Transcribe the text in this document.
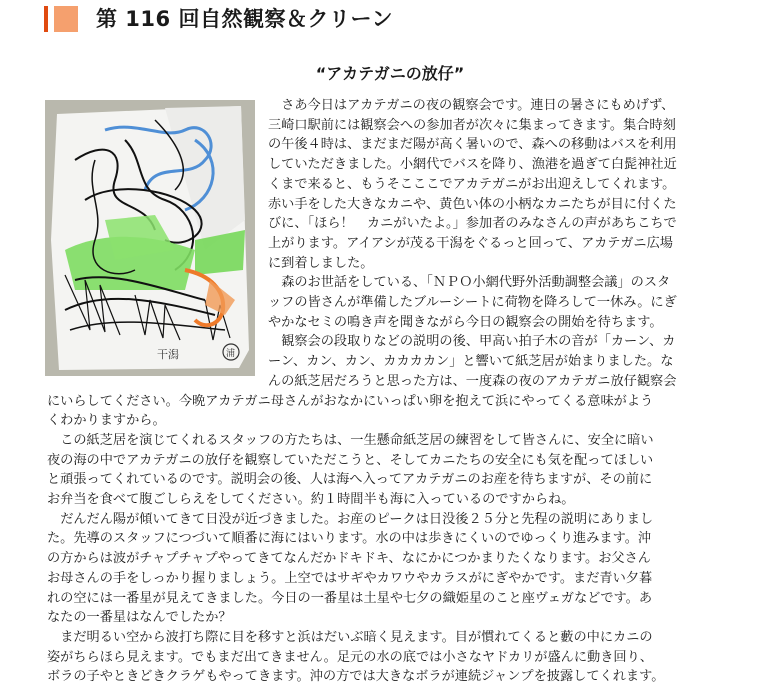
第 116 回自然観察＆クリーン
“アカテガニの放仔”
干潟	浦

さあ今日はアカテガニの夜の観察会です。連日の暑さにもめげず、
三崎口駅前には観察会への参加者が次々に集まってきます。集合時刻
の午後４時は、まだまだ陽が高く暑いので、森への移動はバスを利用
していただきました。小網代でバスを降り、漁港を過ぎて白髭神社近
くまで来ると、もうそこここでアカテガニがお出迎えしてくれます。
赤い手をした大きなカニや、黄色い体の小柄なカニたちが目に付くた
びに、「ほら！　カニがいたよ。」参加者のみなさんの声があちこちで
上がります。アイアシが茂る干潟をぐるっと回って、アカテガニ広場
に到着しました。

森のお世話をしている、「ＮＰＯ小網代野外活動調整会議」のスタ
ッフの皆さんが準備したブルーシートに荷物を降ろして一休み。にぎ
やかなセミの鳴き声を聞きながら今日の観察会の開始を待ちます。

観察会の段取りなどの説明の後、甲高い拍子木の音が「カーン、カ
ーン、カン、カン、カカカカン」と響いて紙芝居が始まりました。な
んの紙芝居だろうと思った方は、一度森の夜のアカテガニ放仔観察会
にいらしてください。今晩アカテガニ母さんがおなかにいっぱい卵を抱えて浜にやってくる意味がよう
くわかりますから。

この紙芝居を演じてくれるスタッフの方たちは、一生懸命紙芝居の練習をして皆さんに、安全に暗い
夜の海の中でアカテガニの放仔を観察していただこうと、そしてカニたちの安全にも気を配ってほしい
と頑張ってくれているのです。説明会の後、人は海へ入ってアカテガニのお産を待ちますが、その前に
お弁当を食べて腹ごしらえをしてください。約１時間半も海に入っているのですからね。

だんだん陽が傾いてきて日没が近づきました。お産のピークは日没後２５分と先程の説明にありまし
た。先導のスタッフにつづいて順番に海にはいります。水の中は歩きにくいのでゆっくり進みます。沖
の方からは波がチャプチャプやってきてなんだかドキドキ、なにかにつかまりたくなります。お父さん
お母さんの手をしっかり握りましょう。上空ではサギやカワウやカラスがにぎやかです。まだ青い夕暮
れの空には一番星が見えてきました。今日の一番星は土星や七夕の織姫星のこと座ヴェガなどです。あ
なたの一番星はなんでしたか？

まだ明るい空から波打ち際に目を移すと浜はだいぶ暗く見えます。目が慣れてくると藪の中にカニの
姿がちらほら見えます。でもまだ出てきません。足元の水の底では小さなヤドカリが盛んに動き回り、
ボラの子やときどきクラゲもやってきます。沖の方では大きなボラが連続ジャンプを披露してくれます。
